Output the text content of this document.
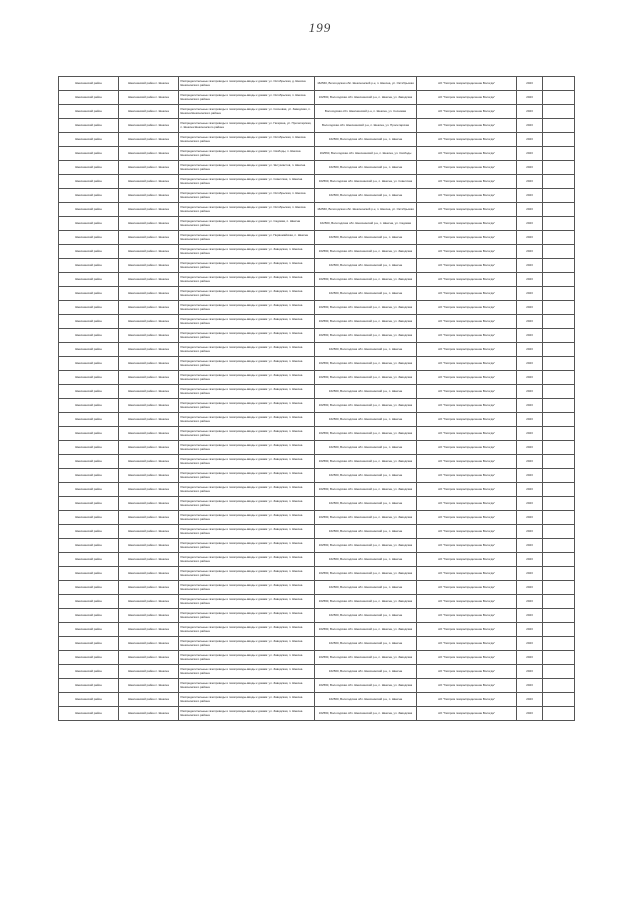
199
Шекснинский район	Шекснинский район п. Шексна	Распределительные газопроводы и газопроводы-вводы к домам: ул. Октябрьская, д. Шексна Шекснинского района	162560, Вологодская обл. Шекснинский р-н, п. Шексна, ул. Октябрьская	АО "Газпром газораспределение Вологда"	2023	
Шекснинский район	Шекснинский район п. Шексна	Распределительные газопроводы и газопроводы-вводы к домам: ул. Октябрьская, п. Шексна Шекснинского района	162560, Вологодская обл. Шекснинский р-н, п. Шексна, ул. Заводская	АО "Газпром газораспределение Вологда"	2023	
Шекснинский район	Шекснинский район п. Шексна	Распределительные газопроводы и газопроводы-вводы к домам: ул. Сосновая, ул. Заводская, п. Шексна Шекснинского района	Вологодская обл. Шекснинский р-н, п. Шексна, ул. Сосновая	АО "Газпром газораспределение Вологда"	2023	
Шекснинский район	Шекснинский район п. Шексна	Распределительные газопроводы и газопроводы-вводы к домам: ул. Гагарина, ул. Пролетарская, п. Шексна Шекснинского района	Вологодская обл. Шекснинский р-н, п. Шексна, ул. Пролетарская	АО "Газпром газораспределение Вологда"	2023	
Шекснинский район	Шекснинский район п. Шексна	Распределительные газопроводы и газопроводы-вводы к домам: ул. Октябрьская, п. Шексна Шекснинского района	162560, Вологодская обл. Шекснинский р-н, п. Шексна	АО "Газпром газораспределение Вологда"	2023	
Шекснинский район	Шекснинский район п. Шексна	Распределительные газопроводы и газопроводы-вводы к домам: ул. Свободы, п. Шексна Шекснинского района	162560, Вологодская обл. Шекснинский р-н, п. Шексна, ул. Свободы	АО "Газпром газораспределение Вологда"	2023	
Шекснинский район	Шекснинский район п. Шексна	Распределительные газопроводы и газопроводы-вводы к домам: ул. Энтузиастов, п. Шексна Шекснинского района	162560, Вологодская обл. Шекснинский р-н, п. Шексна	АО "Газпром газораспределение Вологда"	2023	
Шекснинский район	Шекснинский район п. Шексна	Распределительные газопроводы и газопроводы-вводы к домам: ул. Советская, п. Шексна Шекснинского района	162560, Вологодская обл. Шекснинский р-н, п. Шексна, ул. Советская	АО "Газпром газораспределение Вологда"	2023	
Шекснинский район	Шекснинский район п. Шексна	Распределительные газопроводы и газопроводы-вводы к домам: ул. Октябрьская, п. Шексна Шекснинского района	162560, Вологодская обл. Шекснинский р-н, п. Шексна	АО "Газпром газораспределение Вологда"	2023	
Шекснинский район	Шекснинский район п. Шексна	Распределительные газопроводы и газопроводы-вводы к домам: ул. Октябрьская, п. Шексна Шекснинского района	162560, Вологодская обл. Шекснинский р-н, п. Шексна, ул. Октябрьская	АО "Газпром газораспределение Вологда"	2023	
Шекснинский район	Шекснинский район п. Шексна	Распределительные газопроводы и газопроводы-вводы к домам: ул. Садовая, п. Шексна Шекснинского района	162560, Вологодская обл. Шекснинский р-н, п. Шексна, ул. Садовая	АО "Газпром газораспределение Вологда"	2023	
Шекснинский район	Шекснинский район п. Шексна	Распределительные газопроводы и газопроводы-вводы к домам: ул. Первомайская, п. Шексна Шекснинского района	162560, Вологодская обл. Шекснинский р-н, п. Шексна	АО "Газпром газораспределение Вологда"	2023	
Шекснинский район	Шекснинский район п. Шексна	Распределительные газопроводы и газопроводы-вводы к домам: ул. Заводская, п. Шексна Шекснинского района	162560, Вологодская обл. Шекснинский р-н, п. Шексна, ул. Заводская	АО "Газпром газораспределение Вологда"	2023	
Шекснинский район	Шекснинский район п. Шексна	Распределительные газопроводы и газопроводы-вводы к домам: ул. Заводская, п. Шексна Шекснинского района	162560, Вологодская обл. Шекснинский р-н, п. Шексна	АО "Газпром газораспределение Вологда"	2023	
Шекснинский район	Шекснинский район п. Шексна	Распределительные газопроводы и газопроводы-вводы к домам: ул. Заводская, п. Шексна Шекснинского района	162560, Вологодская обл. Шекснинский р-н, п. Шексна, ул. Заводская	АО "Газпром газораспределение Вологда"	2023	
Шекснинский район	Шекснинский район п. Шексна	Распределительные газопроводы и газопроводы-вводы к домам: ул. Заводская, п. Шексна Шекснинского района	162560, Вологодская обл. Шекснинский р-н, п. Шексна	АО "Газпром газораспределение Вологда"	2023	
Шекснинский район	Шекснинский район п. Шексна	Распределительные газопроводы и газопроводы-вводы к домам: ул. Заводская, п. Шексна Шекснинского района	162560, Вологодская обл. Шекснинский р-н, п. Шексна, ул. Заводская	АО "Газпром газораспределение Вологда"	2023	
Шекснинский район	Шекснинский район п. Шексна	Распределительные газопроводы и газопроводы-вводы к домам: ул. Заводская, п. Шексна Шекснинского района	162560, Вологодская обл. Шекснинский р-н, п. Шексна, ул. Заводская	АО "Газпром газораспределение Вологда"	2023	
Шекснинский район	Шекснинский район п. Шексна	Распределительные газопроводы и газопроводы-вводы к домам: ул. Заводская, п. Шексна Шекснинского района	162560, Вологодская обл. Шекснинский р-н, п. Шексна, ул. Заводская	АО "Газпром газораспределение Вологда"	2023	
Шекснинский район	Шекснинский район п. Шексна	Распределительные газопроводы и газопроводы-вводы к домам: ул. Заводская, п. Шексна Шекснинского района	162560, Вологодская обл. Шекснинский р-н, п. Шексна	АО "Газпром газораспределение Вологда"	2023	
Шекснинский район	Шекснинский район п. Шексна	Распределительные газопроводы и газопроводы-вводы к домам: ул. Заводская, п. Шексна Шекснинского района	162560, Вологодская обл. Шекснинский р-н, п. Шексна, ул. Заводская	АО "Газпром газораспределение Вологда"	2023	
Шекснинский район	Шекснинский район п. Шексна	Распределительные газопроводы и газопроводы-вводы к домам: ул. Заводская, п. Шексна Шекснинского района	162560, Вологодская обл. Шекснинский р-н, п. Шексна, ул. Заводская	АО "Газпром газораспределение Вологда"	2023	
Шекснинский район	Шекснинский район п. Шексна	Распределительные газопроводы и газопроводы-вводы к домам: ул. Заводская, п. Шексна Шекснинского района	162560, Вологодская обл. Шекснинский р-н, п. Шексна	АО "Газпром газораспределение Вологда"	2023	
Шекснинский район	Шекснинский район п. Шексна	Распределительные газопроводы и газопроводы-вводы к домам: ул. Заводская, п. Шексна Шекснинского района	162560, Вологодская обл. Шекснинский р-н, п. Шексна, ул. Заводская	АО "Газпром газораспределение Вологда"	2023	
Шекснинский район	Шекснинский район п. Шексна	Распределительные газопроводы и газопроводы-вводы к домам: ул. Заводская, п. Шексна Шекснинского района	162560, Вологодская обл. Шекснинский р-н, п. Шексна	АО "Газпром газораспределение Вологда"	2023	
Шекснинский район	Шекснинский район п. Шексна	Распределительные газопроводы и газопроводы-вводы к домам: ул. Заводская, п. Шексна Шекснинского района	162560, Вологодская обл. Шекснинский р-н, п. Шексна, ул. Заводская	АО "Газпром газораспределение Вологда"	2023	
Шекснинский район	Шекснинский район п. Шексна	Распределительные газопроводы и газопроводы-вводы к домам: ул. Заводская, п. Шексна Шекснинского района	162560, Вологодская обл. Шекснинский р-н, п. Шексна	АО "Газпром газораспределение Вологда"	2023	
Шекснинский район	Шекснинский район п. Шексна	Распределительные газопроводы и газопроводы-вводы к домам: ул. Заводская, п. Шексна Шекснинского района	162560, Вологодская обл. Шекснинский р-н, п. Шексна, ул. Заводская	АО "Газпром газораспределение Вологда"	2023	
Шекснинский район	Шекснинский район п. Шексна	Распределительные газопроводы и газопроводы-вводы к домам: ул. Заводская, п. Шексна Шекснинского района	162560, Вологодская обл. Шекснинский р-н, п. Шексна	АО "Газпром газораспределение Вологда"	2023	
Шекснинский район	Шекснинский район п. Шексна	Распределительные газопроводы и газопроводы-вводы к домам: ул. Заводская, п. Шексна Шекснинского района	162560, Вологодская обл. Шекснинский р-н, п. Шексна, ул. Заводская	АО "Газпром газораспределение Вологда"	2023	
Шекснинский район	Шекснинский район п. Шексна	Распределительные газопроводы и газопроводы-вводы к домам: ул. Заводская, п. Шексна Шекснинского района	162560, Вологодская обл. Шекснинский р-н, п. Шексна	АО "Газпром газораспределение Вологда"	2023	
Шекснинский район	Шекснинский район п. Шексна	Распределительные газопроводы и газопроводы-вводы к домам: ул. Заводская, п. Шексна Шекснинского района	162560, Вологодская обл. Шекснинский р-н, п. Шексна, ул. Заводская	АО "Газпром газораспределение Вологда"	2023	
Шекснинский район	Шекснинский район п. Шексна	Распределительные газопроводы и газопроводы-вводы к домам: ул. Заводская, п. Шексна Шекснинского района	162560, Вологодская обл. Шекснинский р-н, п. Шексна	АО "Газпром газораспределение Вологда"	2023	
Шекснинский район	Шекснинский район п. Шексна	Распределительные газопроводы и газопроводы-вводы к домам: ул. Заводская, п. Шексна Шекснинского района	162560, Вологодская обл. Шекснинский р-н, п. Шексна, ул. Заводская	АО "Газпром газораспределение Вологда"	2023	
Шекснинский район	Шекснинский район п. Шексна	Распределительные газопроводы и газопроводы-вводы к домам: ул. Заводская, п. Шексна Шекснинского района	162560, Вологодская обл. Шекснинский р-н, п. Шексна	АО "Газпром газораспределение Вологда"	2023	
Шекснинский район	Шекснинский район п. Шексна	Распределительные газопроводы и газопроводы-вводы к домам: ул. Заводская, п. Шексна Шекснинского района	162560, Вологодская обл. Шекснинский р-н, п. Шексна, ул. Заводская	АО "Газпром газораспределение Вологда"	2023	
Шекснинский район	Шекснинский район п. Шексна	Распределительные газопроводы и газопроводы-вводы к домам: ул. Заводская, п. Шексна Шекснинского района	162560, Вологодская обл. Шекснинский р-н, п. Шексна	АО "Газпром газораспределение Вологда"	2023	
Шекснинский район	Шекснинский район п. Шексна	Распределительные газопроводы и газопроводы-вводы к домам: ул. Заводская, п. Шексна Шекснинского района	162560, Вологодская обл. Шекснинский р-н, п. Шексна, ул. Заводская	АО "Газпром газораспределение Вологда"	2023	
Шекснинский район	Шекснинский район п. Шексна	Распределительные газопроводы и газопроводы-вводы к домам: ул. Заводская, п. Шексна Шекснинского района	162560, Вологодская обл. Шекснинский р-н, п. Шексна	АО "Газпром газораспределение Вологда"	2023	
Шекснинский район	Шекснинский район п. Шексна	Распределительные газопроводы и газопроводы-вводы к домам: ул. Заводская, п. Шексна Шекснинского района	162560, Вологодская обл. Шекснинский р-н, п. Шексна, ул. Заводская	АО "Газпром газораспределение Вологда"	2023	
Шекснинский район	Шекснинский район п. Шексна	Распределительные газопроводы и газопроводы-вводы к домам: ул. Заводская, п. Шексна Шекснинского района	162560, Вологодская обл. Шекснинский р-н, п. Шексна	АО "Газпром газораспределение Вологда"	2023	
Шекснинский район	Шекснинский район п. Шексна	Распределительные газопроводы и газопроводы-вводы к домам: ул. Заводская, п. Шексна Шекснинского района	162560, Вологодская обл. Шекснинский р-н, п. Шексна, ул. Заводская	АО "Газпром газораспределение Вологда"	2023	
Шекснинский район	Шекснинский район п. Шексна	Распределительные газопроводы и газопроводы-вводы к домам: ул. Заводская, п. Шексна Шекснинского района	162560, Вологодская обл. Шекснинский р-н, п. Шексна	АО "Газпром газораспределение Вологда"	2023	
Шекснинский район	Шекснинский район п. Шексна	Распределительные газопроводы и газопроводы-вводы к домам: ул. Заводская, п. Шексна Шекснинского района	162560, Вологодская обл. Шекснинский р-н, п. Шексна, ул. Заводская	АО "Газпром газораспределение Вологда"	2023	
Шекснинский район	Шекснинский район п. Шексна	Распределительные газопроводы и газопроводы-вводы к домам: ул. Заводская, п. Шексна Шекснинского района	162560, Вологодская обл. Шекснинский р-н, п. Шексна	АО "Газпром газораспределение Вологда"	2023	
Шекснинский район	Шекснинский район п. Шексна	Распределительные газопроводы и газопроводы-вводы к домам: ул. Заводская, п. Шексна Шекснинского района	162560, Вологодская обл. Шекснинский р-н, п. Шексна, ул. Заводская	АО "Газпром газораспределение Вологда"	2023	
